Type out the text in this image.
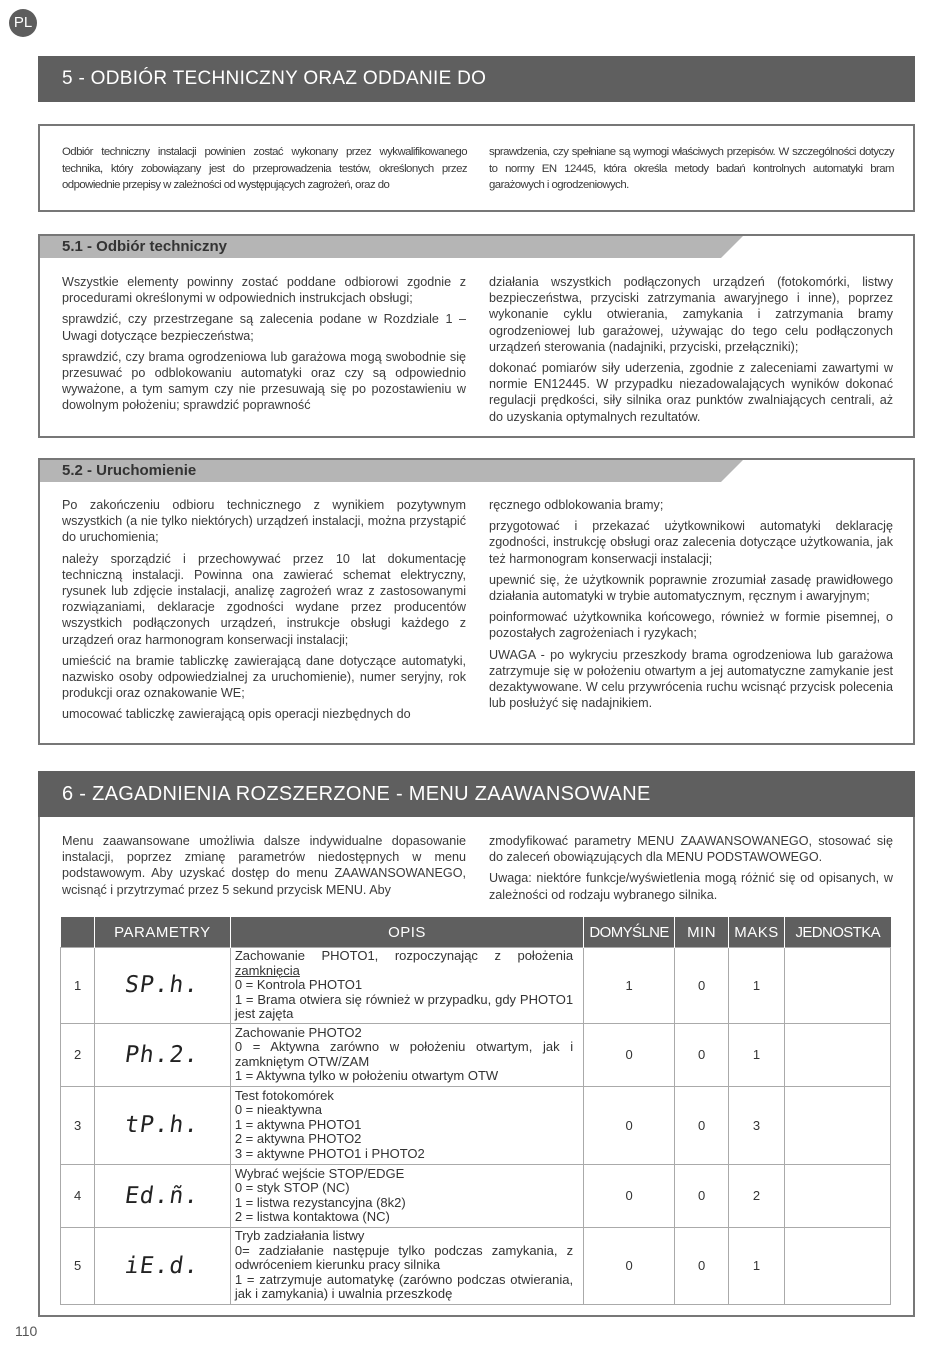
PL
5 - ODBIÓR TECHNICZNY ORAZ ODDANIE DO
Odbiór techniczny instalacji powinien zostać wykonany przez wykwalifikowanego technika, który zobowiązany jest do przeprowadzenia testów, określonych przez odpowiednie przepisy w zależności od występujących zagrożeń, oraz do
sprawdzenia, czy spełniane są wymogi właściwych przepisów. W szczególności dotyczy to normy EN 12445, która określa metody badań kontrolnych automatyki bram garażowych i ogrodzeniowych.
5.1 - Odbiór techniczny

Wszystkie elementy powinny zostać poddane odbiorowi zgodnie z procedurami określonymi w odpowiednich instrukcjach obsługi;

sprawdzić, czy przestrzegane są zalecenia podane w Rozdziale 1 – Uwagi dotyczące bezpieczeństwa;

sprawdzić, czy brama ogrodzeniowa lub garażowa mogą swobodnie się przesuwać po odblokowaniu automatyki oraz czy są odpowiednio wyważone, a tym samym czy nie przesuwają się po pozostawieniu w dowolnym położeniu; sprawdzić poprawność

działania wszystkich podłączonych urządzeń (fotokomórki, listwy bezpieczeństwa, przyciski zatrzymania awaryjnego i inne), poprzez wykonanie cyklu otwierania, zamykania i zatrzymania bramy ogrodzeniowej lub garażowej, używając do tego celu podłączonych urządzeń sterowania (nadajniki, przyciski, przełączniki);

dokonać pomiarów siły uderzenia, zgodnie z zaleceniami zawartymi w normie EN12445. W przypadku niezadowalających wyników dokonać regulacji prędkości, siły silnika oraz punktów zwalniających centrali, aż do uzyskania optymalnych rezultatów.

5.2 - Uruchomienie

Po zakończeniu odbioru technicznego z wynikiem pozytywnym wszystkich (a nie tylko niektórych) urządzeń instalacji, można przystąpić do uruchomienia;

należy sporządzić i przechowywać przez 10 lat dokumentację techniczną instalacji. Powinna ona zawierać schemat elektryczny, rysunek lub zdjęcie instalacji, analizę zagrożeń wraz z zastosowanymi rozwiązaniami, deklaracje zgodności wydane przez producentów wszystkich podłączonych urządzeń, instrukcje obsługi każdego z urządzeń oraz harmonogram konserwacji instalacji;

umieścić na bramie tabliczkę zawierającą dane dotyczące automatyki, nazwisko osoby odpowiedzialnej za uruchomienie), numer seryjny, rok produkcji oraz oznakowanie WE;

umocować tabliczkę zawierającą opis operacji niezbędnych do

ręcznego odblokowania bramy;

przygotować i przekazać użytkownikowi automatyki deklarację zgodności, instrukcję obsługi oraz zalecenia dotyczące użytkowania, jak też harmonogram konserwacji instalacji;

upewnić się, że użytkownik poprawnie zrozumiał zasadę prawidłowego działania automatyki w trybie automatycznym, ręcznym i awaryjnym;

poinformować użytkownika końcowego, również w formie pisemnej, o pozostałych zagrożeniach i ryzykach;

UWAGA - po wykryciu przeszkody brama ogrodzeniowa lub garażowa zatrzymuje się w położeniu otwartym a jej automatyczne zamykanie jest dezaktywowane. W celu przywrócenia ruchu wcisnąć przycisk polecenia lub posłużyć się nadajnikiem.

6 - ZAGADNIENIA ROZSZERZONE - MENU ZAAWANSOWANE

Menu zaawansowane umożliwia dalsze indywidualne dopasowanie instalacji, poprzez zmianę parametrów niedostępnych w menu podstawowym. Aby uzyskać dostęp do menu ZAAWANSOWANEGO, wcisnąć i przytrzymać przez 5 sekund przycisk MENU. Aby

zmodyfikować parametry MENU ZAAWANSOWANEGO, stosować się do zaleceń obowiązujących dla MENU PODSTAWOWEGO.

Uwaga: niektóre funkcje/wyświetlenia mogą różnić się od opisanych, w zależności od rodzaju wybranego silnika.

	PARAMETRY	OPIS	DOMYŚLNE	MIN	MAKS	JEDNOSTKA
1	SP.h.	Zachowanie PHOTO1, rozpoczynając z położenia zamknięcia
0 = Kontrola PHOTO1
1 = Brama otwiera się również w przypadku, gdy PHOTO1 jest zajęta	1	0	1	
2	Ph.2.	Zachowanie PHOTO2
0 = Aktywna zarówno w położeniu otwartym, jak i zamkniętym OTW/ZAM
1 = Aktywna tylko w położeniu otwartym OTW	0	0	1	
3	tP.h.	Test fotokomórek
0 = nieaktywna
1 = aktywna PHOTO1
2 = aktywna PHOTO2
3 = aktywne PHOTO1 i PHOTO2	0	0	3	
4	Ed.ñ.	Wybrać wejście STOP/EDGE
0 = styk STOP (NC)
1 = listwa rezystancyjna (8k2)
2 = listwa kontaktowa (NC)	0	0	2	
5	iE.d.	Tryb zadziałania listwy
0= zadziałanie następuje tylko podczas zamykania, z odwróceniem kierunku pracy silnika
1 = zatrzymuje automatykę (zarówno podczas otwierania, jak i zamykania) i uwalnia przeszkodę	0	0	1	
110
